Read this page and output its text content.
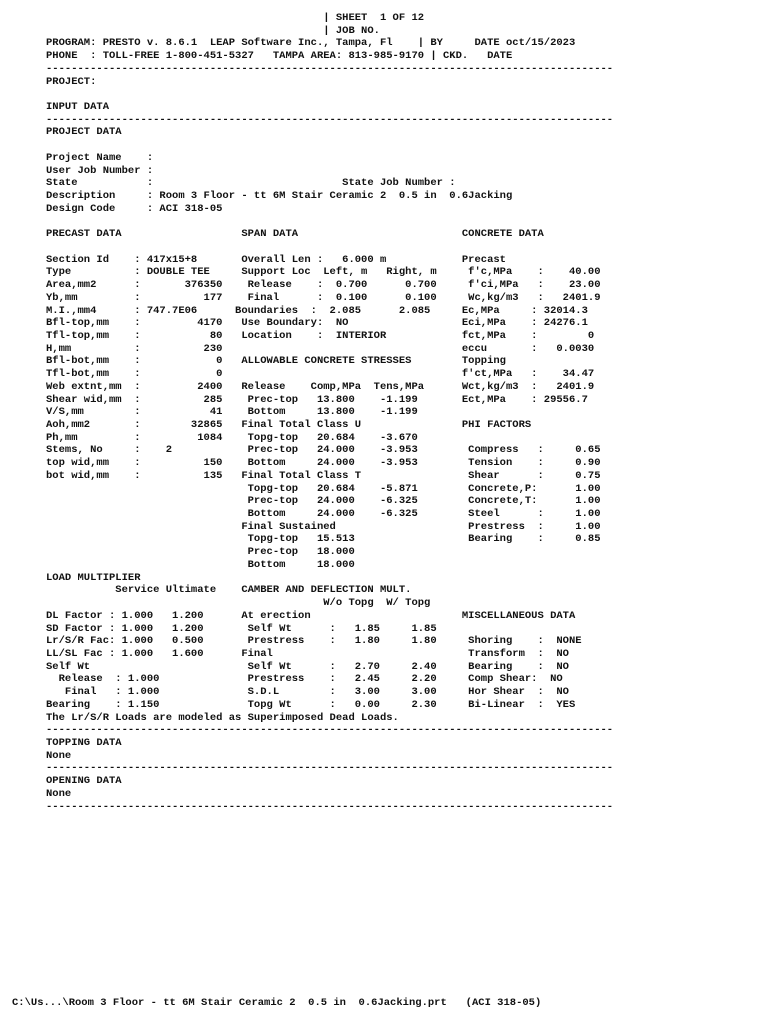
| SHEET  1 OF 12
| JOB NO.
PROGRAM: PRESTO v. 8.6.1  LEAP Software Inc., Tampa, Fl    | BY     DATE oct/15/2023
PHONE  : TOLL-FREE 1-800-451-5327   TAMPA AREA: 813-985-9170 | CKD.   DATE
------------------------------------------------------------------------------------------
PROJECT:

INPUT DATA
------------------------------------------------------------------------------------------
PROJECT DATA

Project Name    :
User Job Number :
State           :                              State Job Number :
Description     : Room 3 Floor - tt 6M Stair Ceramic 2  0.5 in  0.6Jacking
Design Code     : ACI 318-05

PRECAST DATA                   SPAN DATA                          CONCRETE DATA

Section Id    : 417x15+8       Overall Len :   6.000 m            Precast
Type          : DOUBLE TEE     Support Loc  Left, m   Right, m     f'c,MPa    :    40.00
Area,mm2      :       376350    Release    :  0.700      0.700     f'ci,MPa   :    23.00
Yb,mm         :          177    Final      :  0.100      0.100     Wc,kg/m3   :   2401.9
M.I.,mm4      : 747.7E06      Boundaries  :  2.085      2.085     Ec,MPa     : 32014.3
Bfl-top,mm    :         4170   Use Boundary:  NO                  Eci,MPa    : 24276.1
Tfl-top,mm    :           80   Location    :  INTERIOR            fct,MPa    :        0
H,mm          :          230                                      eccu       :   0.0030
Bfl-bot,mm    :            0   ALLOWABLE CONCRETE STRESSES        Topping
Tfl-bot,mm    :            0                                      f'ct,MPa   :    34.47
Web extnt,mm  :         2400   Release    Comp,MPa  Tens,MPa      Wct,kg/m3  :   2401.9
Shear wid,mm  :          285    Prec-top   13.800    -1.199       Ect,MPa    : 29556.7
V/S,mm        :           41    Bottom     13.800    -1.199
Aoh,mm2       :        32865   Final Total Class U                PHI FACTORS
Ph,mm         :         1084    Topg-top   20.684    -3.670
Stems, No     :    2            Prec-top   24.000    -3.953        Compress   :     0.65
top wid,mm    :          150    Bottom     24.000    -3.953        Tension    :     0.90
bot wid,mm    :          135   Final Total Class T                 Shear      :     0.75
Topg-top   20.684    -5.871        Concrete,P:      1.00
Prec-top   24.000    -6.325        Concrete,T:      1.00
Bottom     24.000    -6.325        Steel      :     1.00
Final Sustained                     Prestress  :     1.00
Topg-top   15.513                  Bearing    :     0.85
Prec-top   18.000
Bottom     18.000
LOAD MULTIPLIER
Service Ultimate    CAMBER AND DEFLECTION MULT.
W/o Topg  W/ Topg
DL Factor : 1.000   1.200      At erection                        MISCELLANEOUS DATA
SD Factor : 1.000   1.200       Self Wt      :   1.85     1.85
Lr/S/R Fac: 1.000   0.500       Prestress    :   1.80     1.80     Shoring    :  NONE
LL/SL Fac : 1.000   1.600      Final                               Transform  :  NO
Self Wt                         Self Wt      :   2.70     2.40     Bearing    :  NO
Release  : 1.000              Prestress    :   2.45     2.20     Comp Shear:  NO
Final   : 1.000              S.D.L        :   3.00     3.00     Hor Shear  :  NO
Bearing    : 1.150              Topg Wt      :   0.00     2.30     Bi-Linear  :  YES
The Lr/S/R Loads are modeled as Superimposed Dead Loads.
------------------------------------------------------------------------------------------
TOPPING DATA
None
------------------------------------------------------------------------------------------
OPENING DATA
None
------------------------------------------------------------------------------------------
C:\Us...\Room 3 Floor - tt 6M Stair Ceramic 2  0.5 in  0.6Jacking.prt   (ACI 318-05)
